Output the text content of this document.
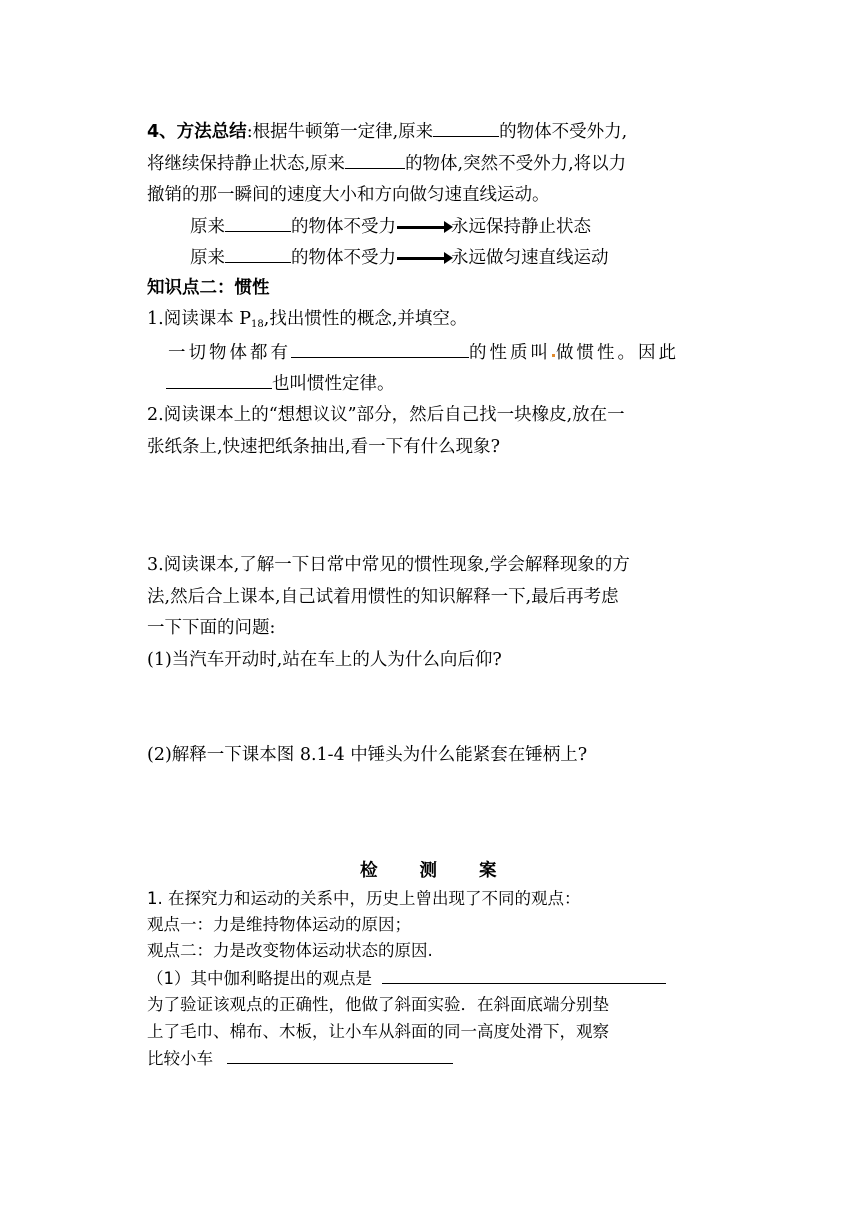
4、方法总结:根据牛顿第一定律,原来	的物体不受外力,
将继续保持静止状态,原来	的物体,突然不受外力,将以力
撤销的那一瞬间的速度大小和方向做匀速直线运动。
原来	的物体不受力	永远保持静止状态
原来	的物体不受力	永远做匀速直线运动
知识点二：惯性
1.阅读课本 $P_{18}$,找出惯性的概念,并填空。
一切物体都有	的性质叫 做惯性。因此
也叫惯性定律。
2.阅读课本上的“想想议议”部分，然后自己找一块橡皮,放在一
张纸条上,快速把纸条抽出,看一下有什么现象?
3.阅读课本,了解一下日常中常见的惯性现象,学会解释现象的方
法,然后合上课本,自己试着用惯性的知识解释一下,最后再考虑
一下下面的问题:
(1)当汽车开动时,站在车上的人为什么向后仰?
(2)解释一下课本图 8.1-4 中锤头为什么能紧套在锤柄上?
检 测 案
1. 在探究力和运动的关系中，历史上曾出现了不同的观点：
观点一：力是维持物体运动的原因；
观点二：力是改变物体运动状态的原因.
（1）其中伽利略提出的观点是
为了验证该观点的正确性，他做了斜面实验．在斜面底端分别垫
上了毛巾、棉布、木板，让小车从斜面的同一高度处滑下，观察
比较小车
